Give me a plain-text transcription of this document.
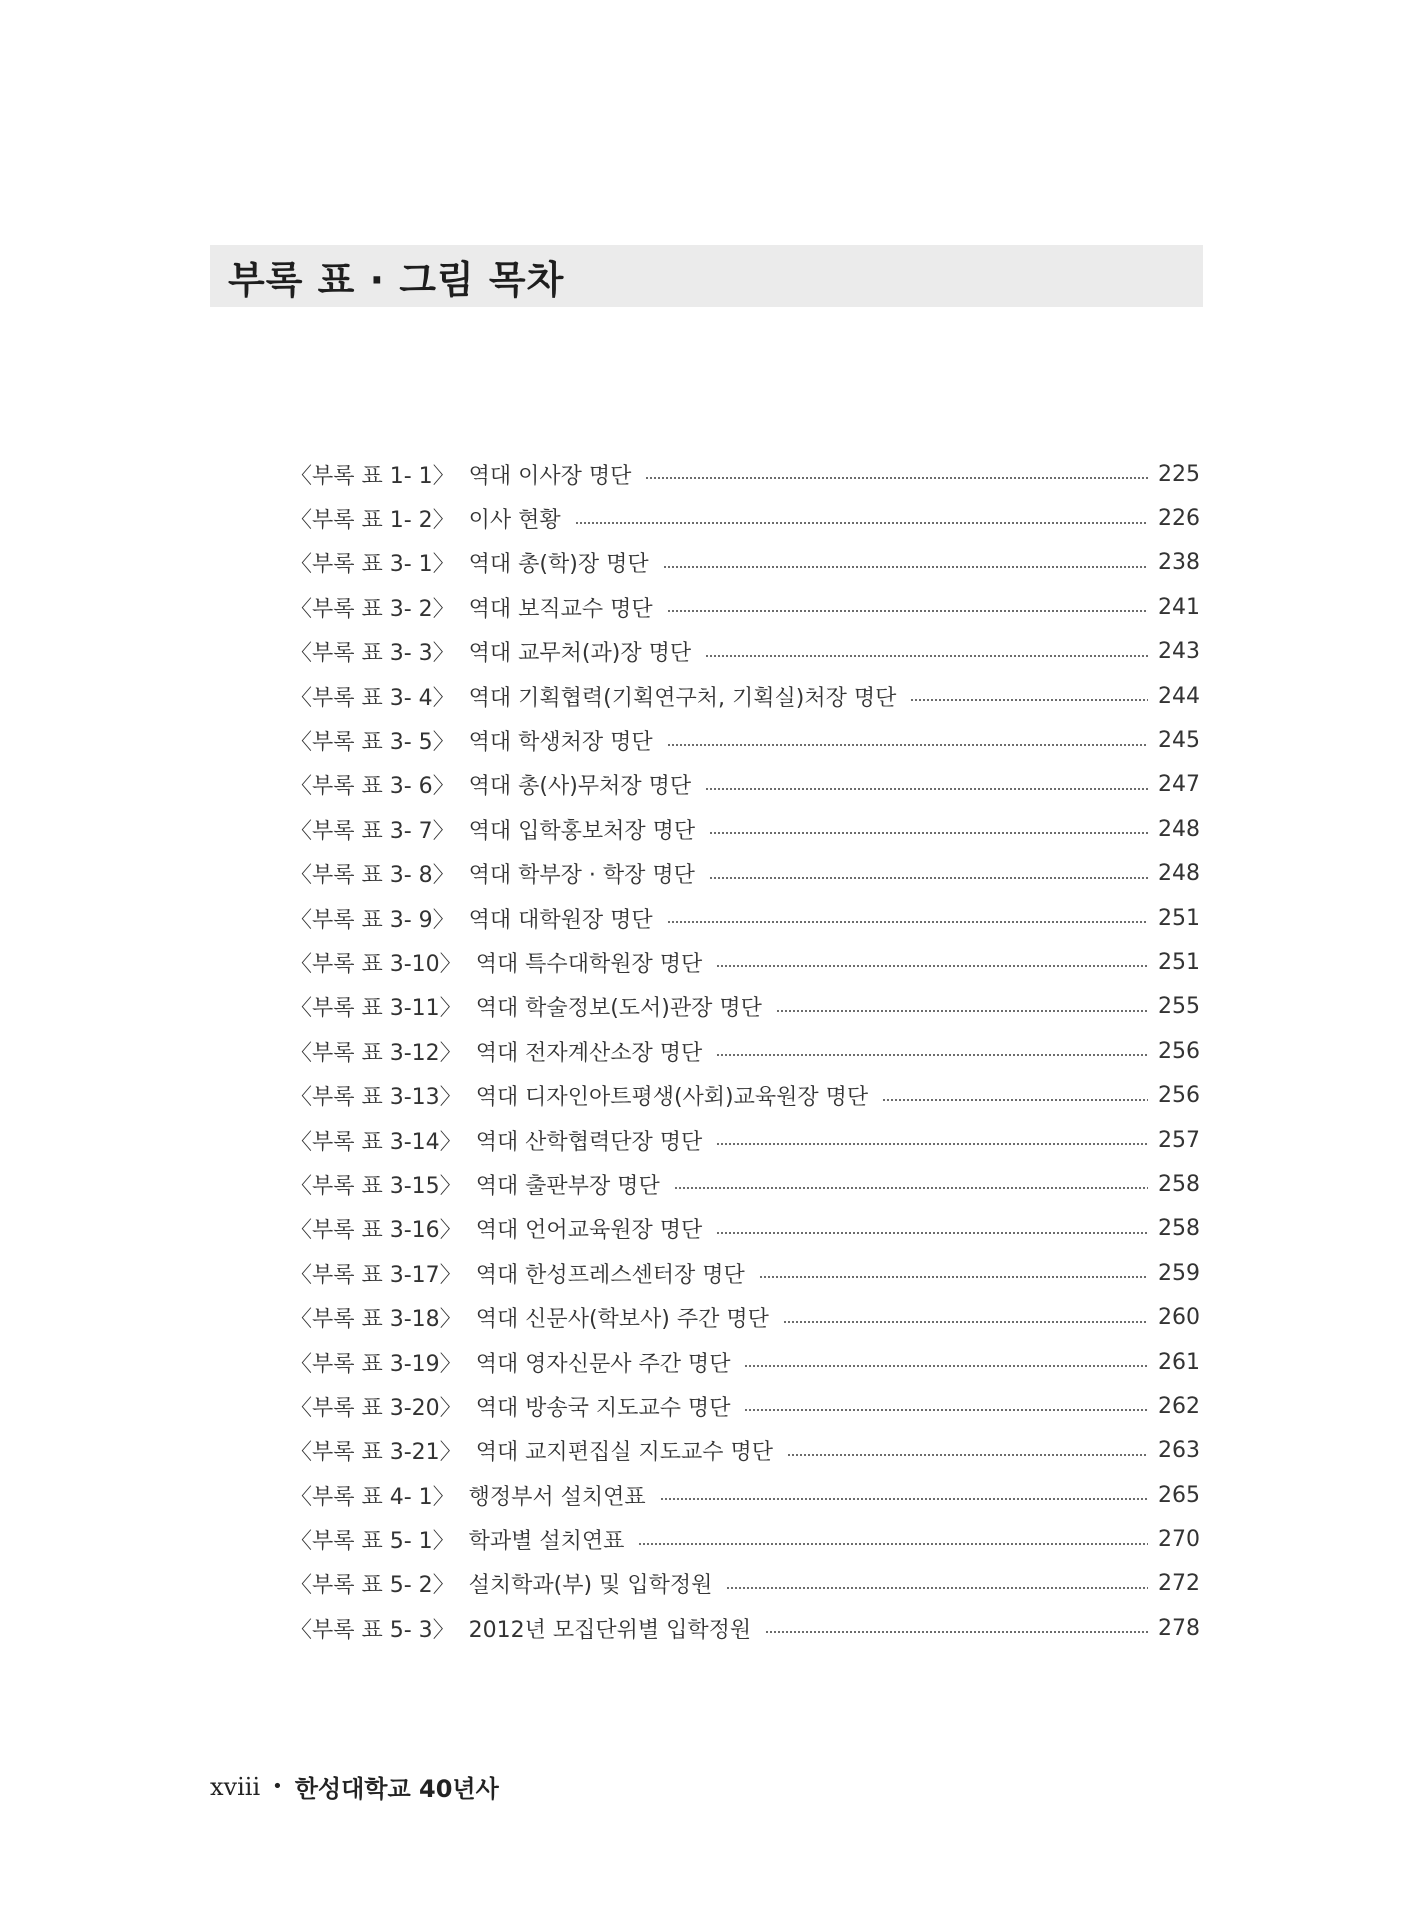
부록 표 · 그림 목차
〈부록 표 1- 1〉 역대 이사장 명단	225
〈부록 표 1- 2〉 이사 현황	226
〈부록 표 3- 1〉 역대 총(학)장 명단	238
〈부록 표 3- 2〉 역대 보직교수 명단	241
〈부록 표 3- 3〉 역대 교무처(과)장 명단	243
〈부록 표 3- 4〉 역대 기획협력(기획연구처, 기획실)처장 명단	244
〈부록 표 3- 5〉 역대 학생처장 명단	245
〈부록 표 3- 6〉 역대 총(사)무처장 명단	247
〈부록 표 3- 7〉 역대 입학홍보처장 명단	248
〈부록 표 3- 8〉 역대 학부장 · 학장 명단	248
〈부록 표 3- 9〉 역대 대학원장 명단	251
〈부록 표 3-10〉 역대 특수대학원장 명단	251
〈부록 표 3-11〉 역대 학술정보(도서)관장 명단	255
〈부록 표 3-12〉 역대 전자계산소장 명단	256
〈부록 표 3-13〉 역대 디자인아트평생(사회)교육원장 명단	256
〈부록 표 3-14〉 역대 산학협력단장 명단	257
〈부록 표 3-15〉 역대 출판부장 명단	258
〈부록 표 3-16〉 역대 언어교육원장 명단	258
〈부록 표 3-17〉 역대 한성프레스센터장 명단	259
〈부록 표 3-18〉 역대 신문사(학보사) 주간 명단	260
〈부록 표 3-19〉 역대 영자신문사 주간 명단	261
〈부록 표 3-20〉 역대 방송국 지도교수 명단	262
〈부록 표 3-21〉 역대 교지편집실 지도교수 명단	263
〈부록 표 4- 1〉 행정부서 설치연표	265
〈부록 표 5- 1〉 학과별 설치연표	270
〈부록 표 5- 2〉 설치학과(부) 및 입학정원	272
〈부록 표 5- 3〉 2012년 모집단위별 입학정원	278
xviii • 한성대학교 40년사
